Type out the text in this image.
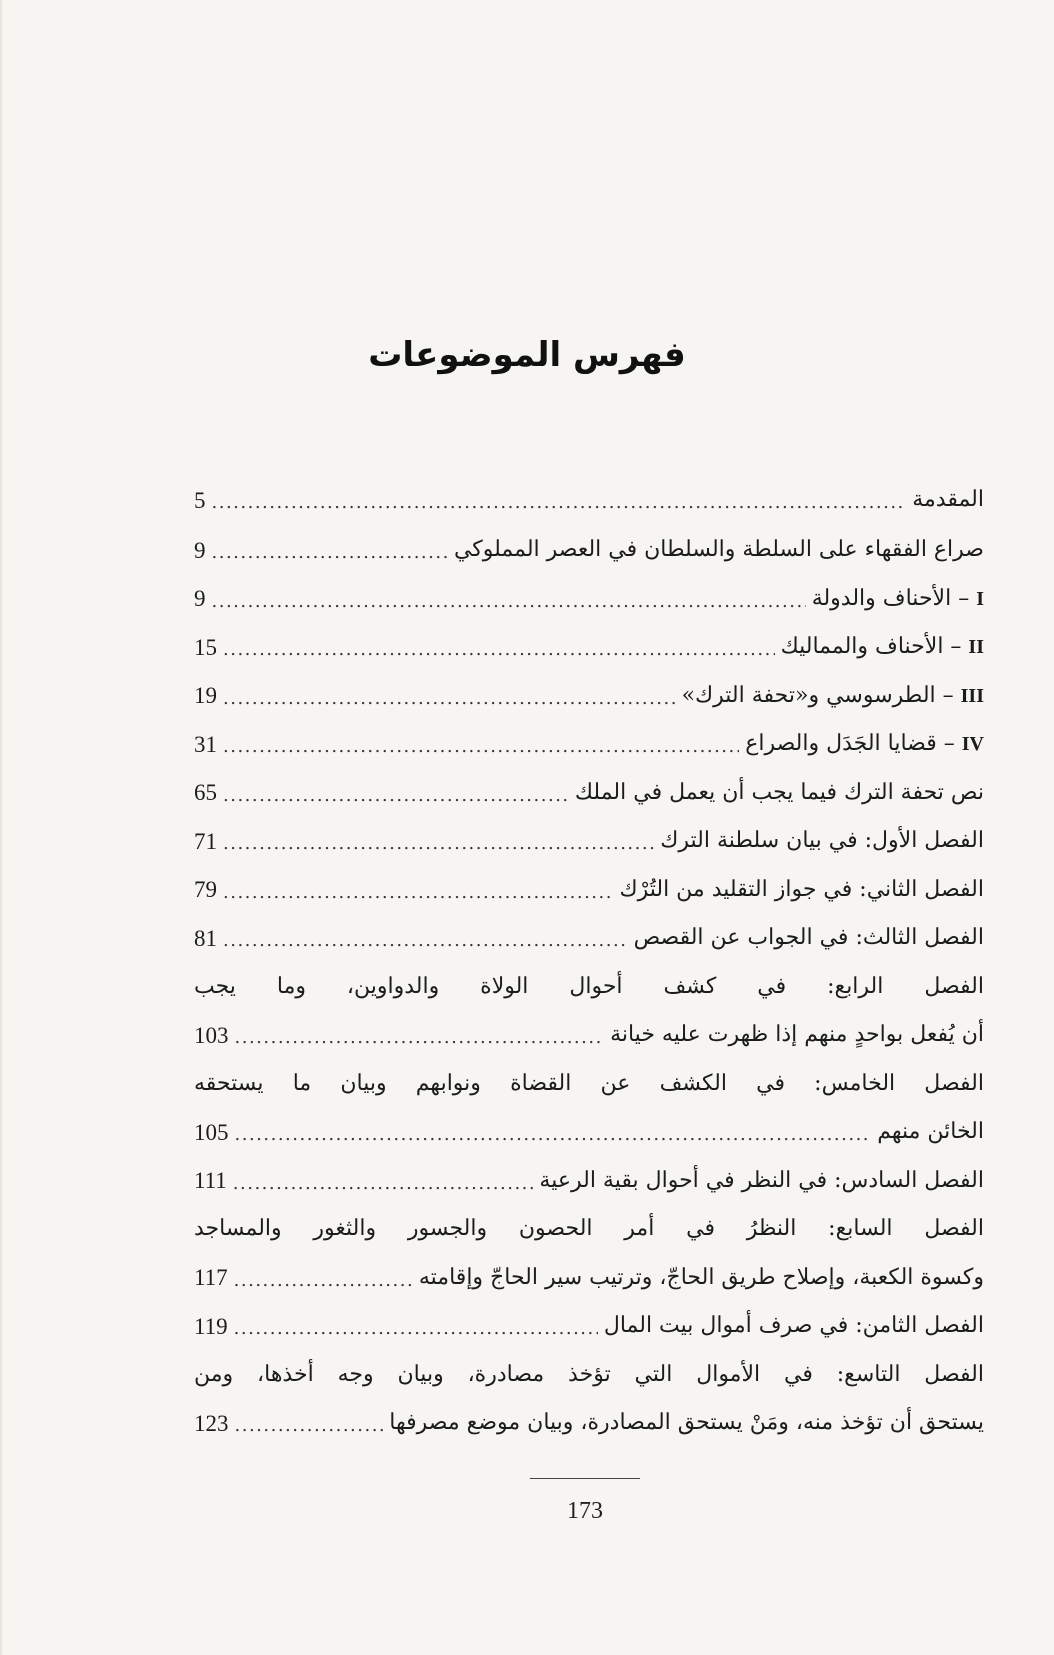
فهرس الموضوعات
المقدمة
.....
5
صراع الفقهاء على السلطة والسلطان في العصر المملوكي
.....
9
I – الأحناف والدولة
.....
9
II – الأحناف والمماليك
.....
15
III – الطرسوسي و«تحفة الترك»
.....
19
IV – قضايا الجَدَل والصراع
.....
31
نص تحفة الترك فيما يجب أن يعمل في الملك
.....
65
الفصل الأول: في بيان سلطنة الترك
.....
71
الفصل الثاني: في جواز التقليد من التُرْك
.....
79
الفصل الثالث: في الجواب عن القصص
.....
81
الفصل الرابع: في كشف أحوال الولاة والدواوين، وما يجب
أن يُفعل بواحدٍ منهم إذا ظهرت عليه خيانة
.....
103
الفصل الخامس: في الكشف عن القضاة ونوابهم وبيان ما يستحقه
الخائن منهم
.....
105
الفصل السادس: في النظر في أحوال بقية الرعية
.....
111
الفصل السابع: النظرُ في أمر الحصون والجسور والثغور والمساجد
وكسوة الكعبة، وإصلاح طريق الحاجّ، وترتيب سير الحاجّ وإقامته
.....
117
الفصل الثامن: في صرف أموال بيت المال
.....
119
الفصل التاسع: في الأموال التي تؤخذ مصادرة، وبيان وجه أخذها، ومن
يستحق أن تؤخذ منه، ومَنْ يستحق المصادرة، وبيان موضع مصرفها
.....
123
173
